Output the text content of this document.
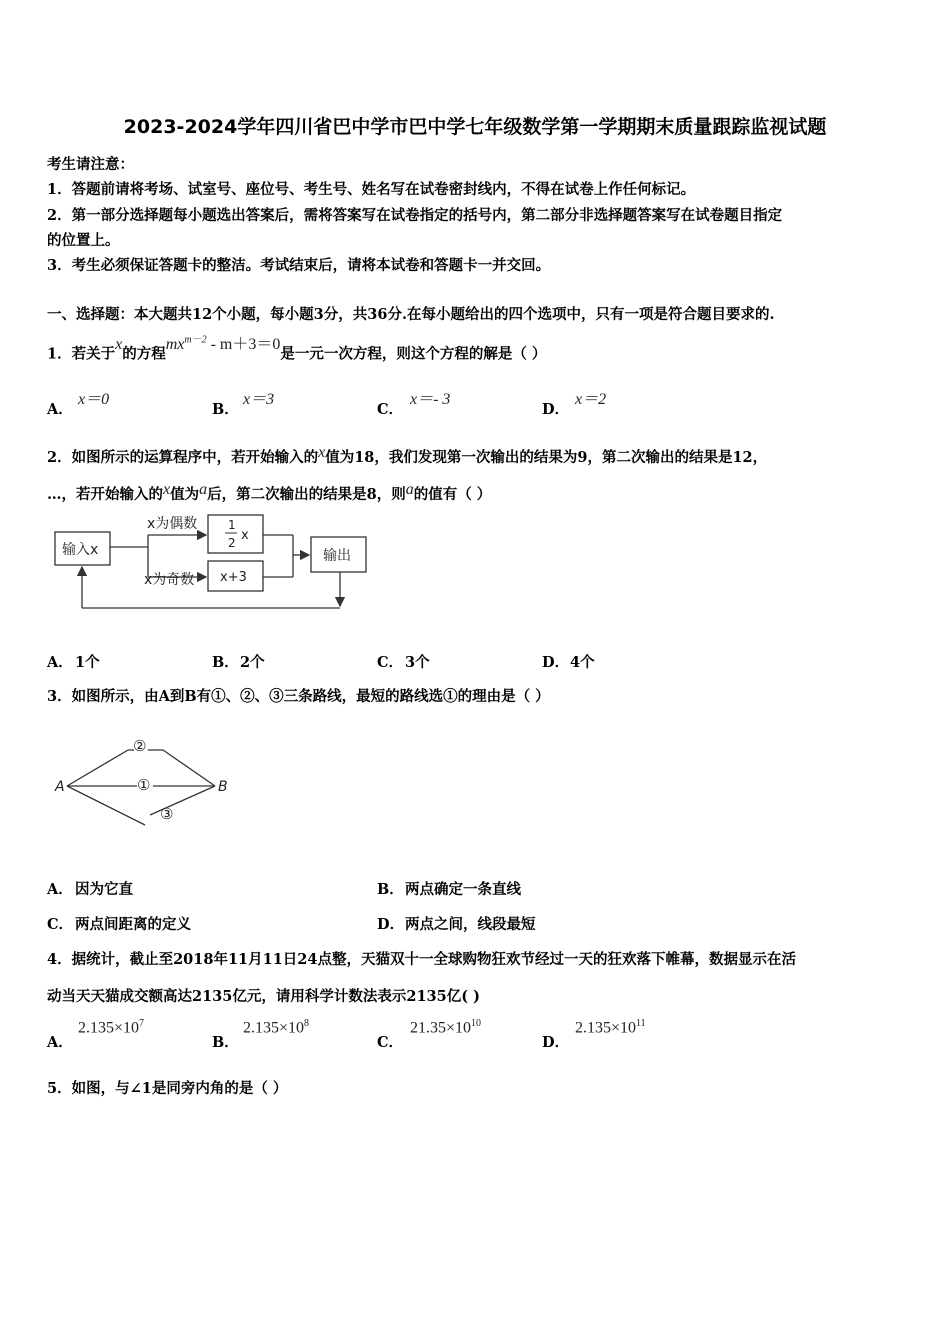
2023-2024学年四川省巴中学市巴中学七年级数学第一学期期末质量跟踪监视试题
考生请注意：
1．答题前请将考场、试室号、座位号、考生号、姓名写在试卷密封线内，不得在试卷上作任何标记。
2．第一部分选择题每小题选出答案后，需将答案写在试卷指定的括号内，第二部分非选择题答案写在试卷题目指定
的位置上。
3．考生必须保证答题卡的整洁。考试结束后，请将本试卷和答题卡一并交回。
一、选择题：本大题共12个小题，每小题3分，共36分.在每小题给出的四个选项中，只有一项是符合题目要求的.
1．若关于x的方程$mx^{m-2} - m+3=0$是一元一次方程，则这个方程的解是（ ）
A．
x＝0
B．
x＝3
C．
x＝- 3
D．
x＝2
2．如图所示的运算程序中，若开始输入的x值为18，我们发现第一次输出的结果为9，第二次输出的结果是12，
…，若开始输入的x值为a后，第二次输出的结果是8，则a的值有（ ）
输入x
x为偶数
x为奇数
1
2 x
x+3
输出
A． 1个	B． 2个	C． 3个	D． 4个
3．如图所示，由A到B有①、②、③三条路线，最短的路线选①的理由是（ ）
A	B
②
①
③
A． 因为它直	B． 两点确定一条直线
C． 两点间距离的定义	D． 两点之间，线段最短
4．据统计，截止至2018年11月11日24点整，天猫双十一全球购物狂欢节经过一天的狂欢落下帷幕，数据显示在活
动当天天猫成交额高达2135亿元，请用科学计数法表示2135亿( )
A．
$2.135\times 10^7$
B．
$2.135\times 10^8$
C．
$21.35\times 10^{10}$
D．
$2.135\times 10^{11}$
5．如图，与∠1是同旁内角的是（ ）
